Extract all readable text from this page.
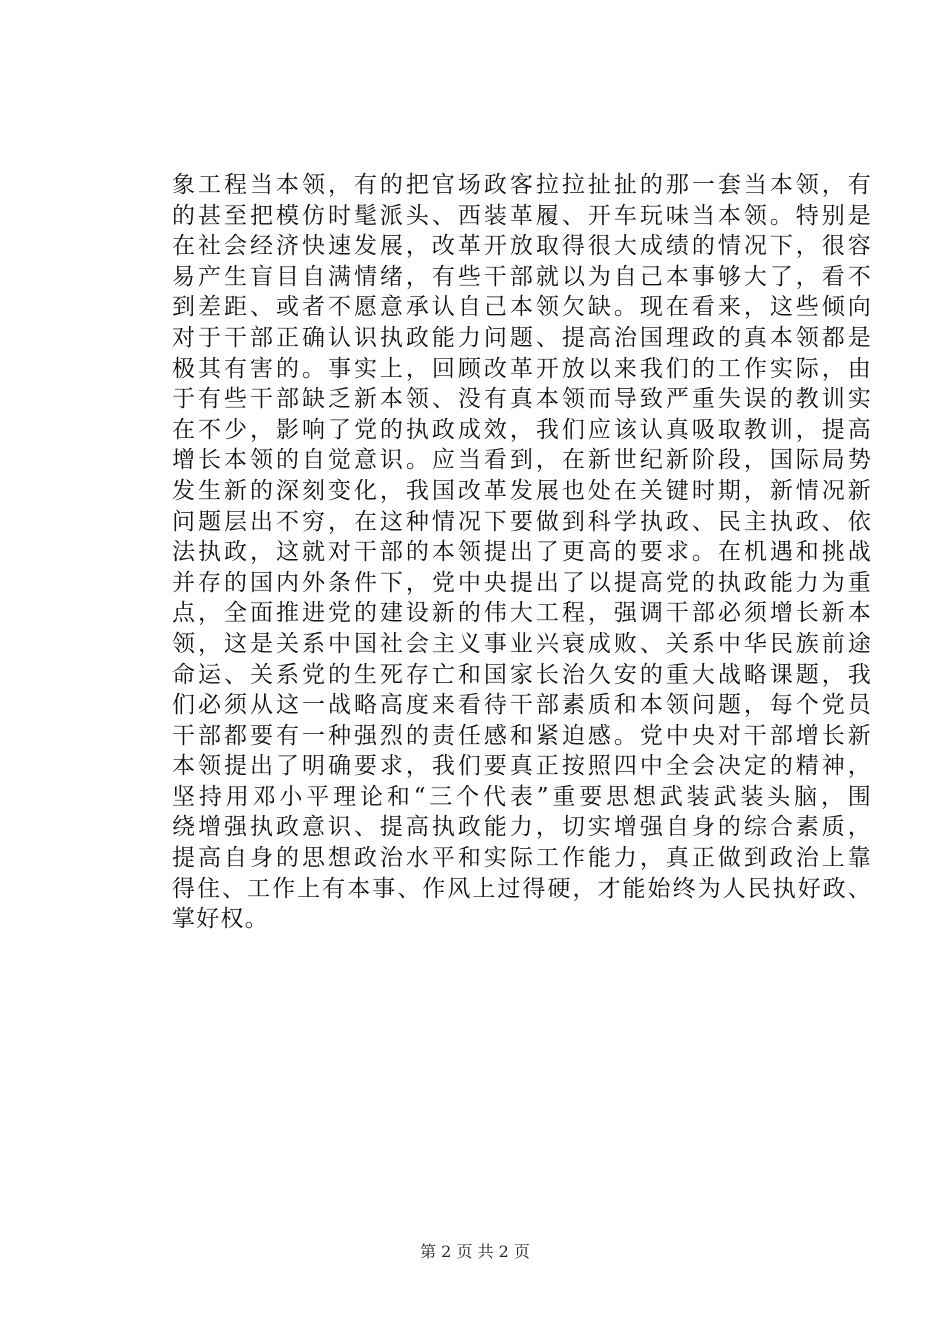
象工程当本领，有的把官场政客拉拉扯扯的那一套当本领，有
的甚至把模仿时髦派头、西装革履、开车玩味当本领。特别是
在社会经济快速发展，改革开放取得很大成绩的情况下，很容
易产生盲目自满情绪，有些干部就以为自己本事够大了，看不
到差距、或者不愿意承认自己本领欠缺。现在看来，这些倾向
对于干部正确认识执政能力问题、提高治国理政的真本领都是
极其有害的。事实上，回顾改革开放以来我们的工作实际，由
于有些干部缺乏新本领、没有真本领而导致严重失误的教训实
在不少，影响了党的执政成效，我们应该认真吸取教训，提高
增长本领的自觉意识。应当看到，在新世纪新阶段，国际局势
发生新的深刻变化，我国改革发展也处在关键时期，新情况新
问题层出不穷，在这种情况下要做到科学执政、民主执政、依
法执政，这就对干部的本领提出了更高的要求。在机遇和挑战
并存的国内外条件下，党中央提出了以提高党的执政能力为重
点，全面推进党的建设新的伟大工程，强调干部必须增长新本
领，这是关系中国社会主义事业兴衰成败、关系中华民族前途
命运、关系党的生死存亡和国家长治久安的重大战略课题，我
们必须从这一战略高度来看待干部素质和本领问题，每个党员
干部都要有一种强烈的责任感和紧迫感。党中央对干部增长新
本领提出了明确要求，我们要真正按照四中全会决定的精神，
坚持用邓小平理论和“三个代表”重要思想武装武装头脑，围
绕增强执政意识、提高执政能力，切实增强自身的综合素质，
提高自身的思想政治水平和实际工作能力，真正做到政治上靠
得住、工作上有本事、作风上过得硬，才能始终为人民执好政、
掌好权。
第 2 页 共 2 页
